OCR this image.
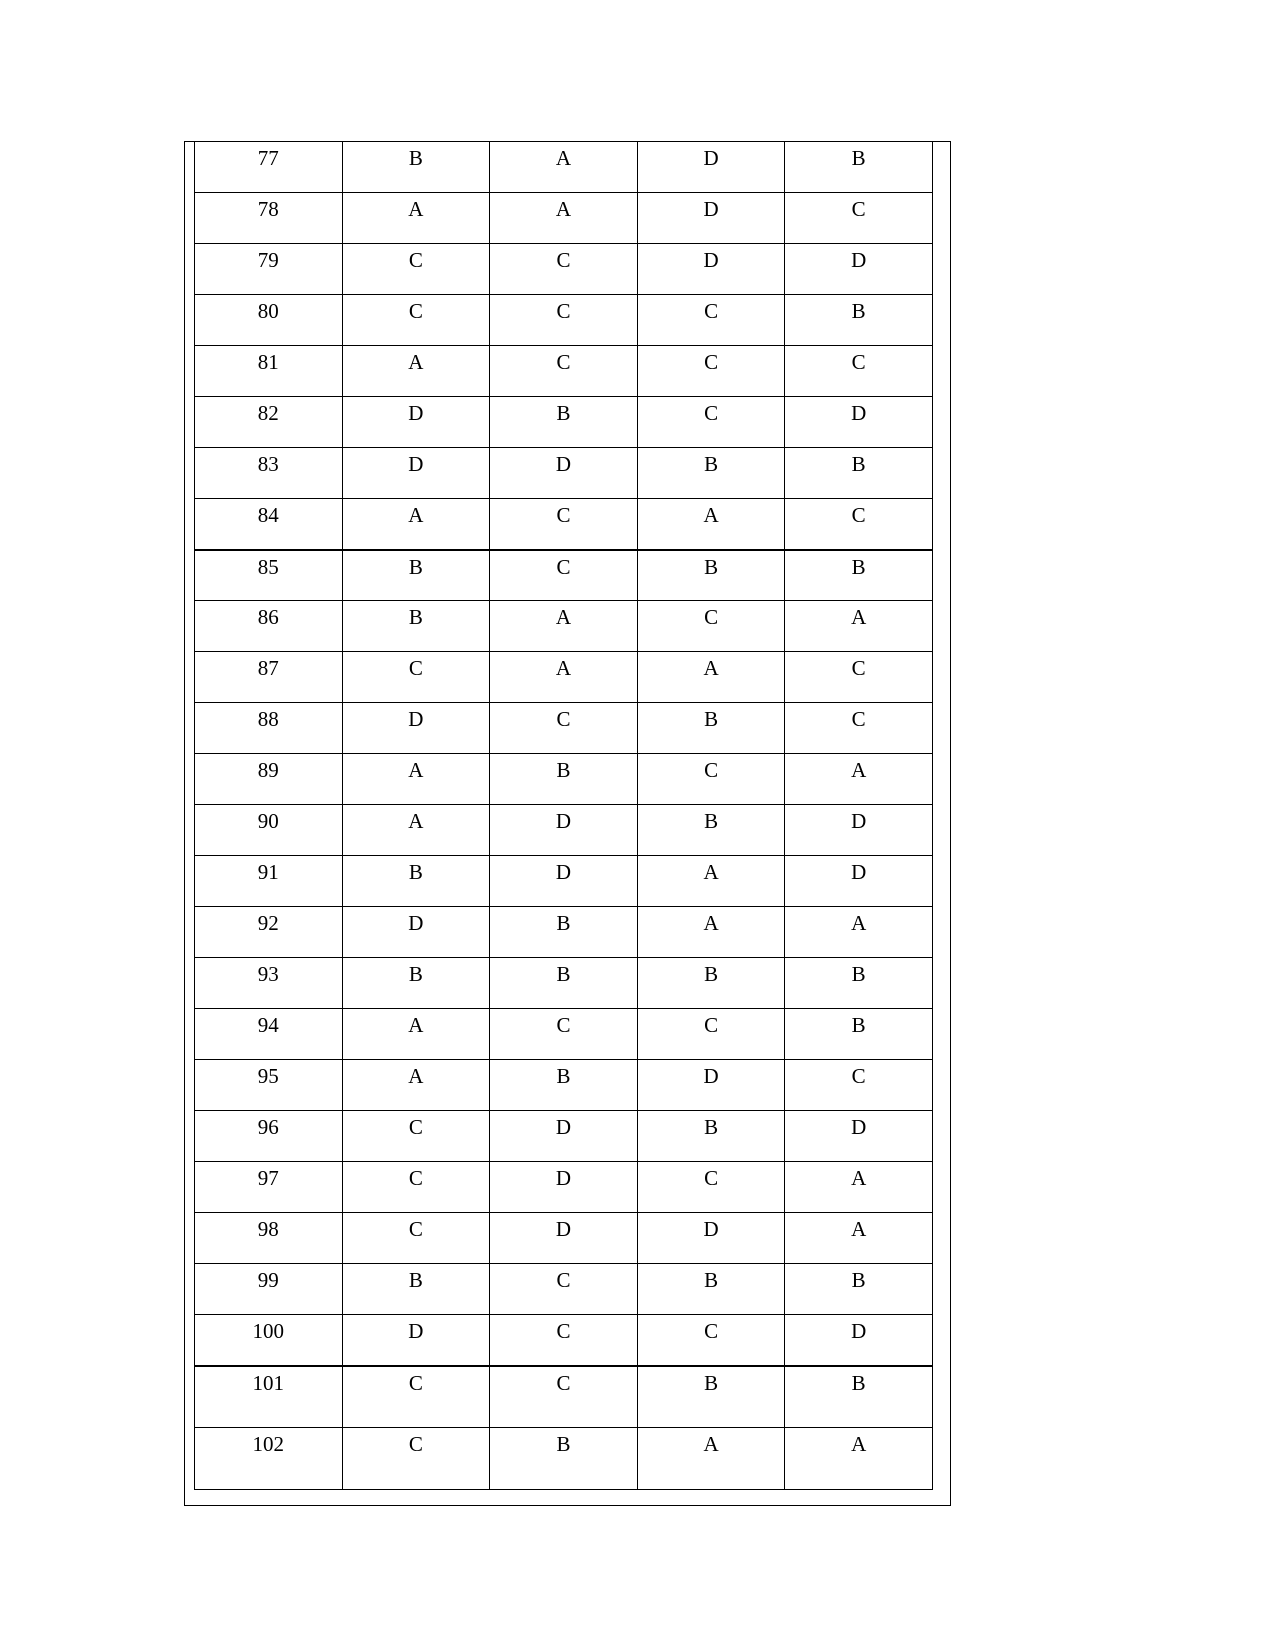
77	B	A	D	B
78	A	A	D	C
79	C	C	D	D
80	C	C	C	B
81	A	C	C	C
82	D	B	C	D
83	D	D	B	B
84	A	C	A	C
85	B	C	B	B
86	B	A	C	A
87	C	A	A	C
88	D	C	B	C
89	A	B	C	A
90	A	D	B	D
91	B	D	A	D
92	D	B	A	A
93	B	B	B	B
94	A	C	C	B
95	A	B	D	C
96	C	D	B	D
97	C	D	C	A
98	C	D	D	A
99	B	C	B	B
100	D	C	C	D
101	C	C	B	B
102	C	B	A	A
